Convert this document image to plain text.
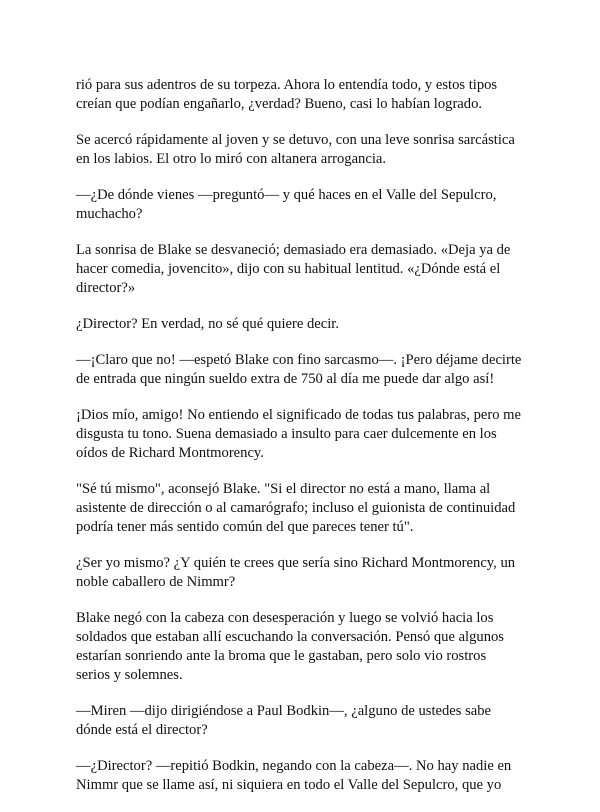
rió para sus adentros de su torpeza. Ahora lo entendía todo, y estos tipos
creían que podían engañarlo, ¿verdad? Bueno, casi lo habían logrado.

Se acercó rápidamente al joven y se detuvo, con una leve sonrisa sarcástica
en los labios. El otro lo miró con altanera arrogancia.

—¿De dónde vienes —preguntó— y qué haces en el Valle del Sepulcro,
muchacho?

La sonrisa de Blake se desvaneció; demasiado era demasiado. «Deja ya de
hacer comedia, jovencito», dijo con su habitual lentitud. «¿Dónde está el
director?»

¿Director? En verdad, no sé qué quiere decir.

—¡Claro que no! —espetó Blake con fino sarcasmo—. ¡Pero déjame decirte
de entrada que ningún sueldo extra de 750 al día me puede dar algo así!

¡Dios mío, amigo! No entiendo el significado de todas tus palabras, pero me
disgusta tu tono. Suena demasiado a insulto para caer dulcemente en los
oídos de Richard Montmorency.

"Sé tú mismo", aconsejó Blake. "Si el director no está a mano, llama al
asistente de dirección o al camarógrafo; incluso el guionista de continuidad
podría tener más sentido común del que pareces tener tú".

¿Ser yo mismo? ¿Y quién te crees que sería sino Richard Montmorency, un
noble caballero de Nimmr?

Blake negó con la cabeza con desesperación y luego se volvió hacia los
soldados que estaban allí escuchando la conversación. Pensó que algunos
estarían sonriendo ante la broma que le gastaban, pero solo vio rostros
serios y solemnes.

—Miren —dijo dirigiéndose a Paul Bodkin—, ¿alguno de ustedes sabe
dónde está el director?

—¿Director? —repitió Bodkin, negando con la cabeza—. No hay nadie en
Nimmr que se llame así, ni siquiera en todo el Valle del Sepulcro, que yo
